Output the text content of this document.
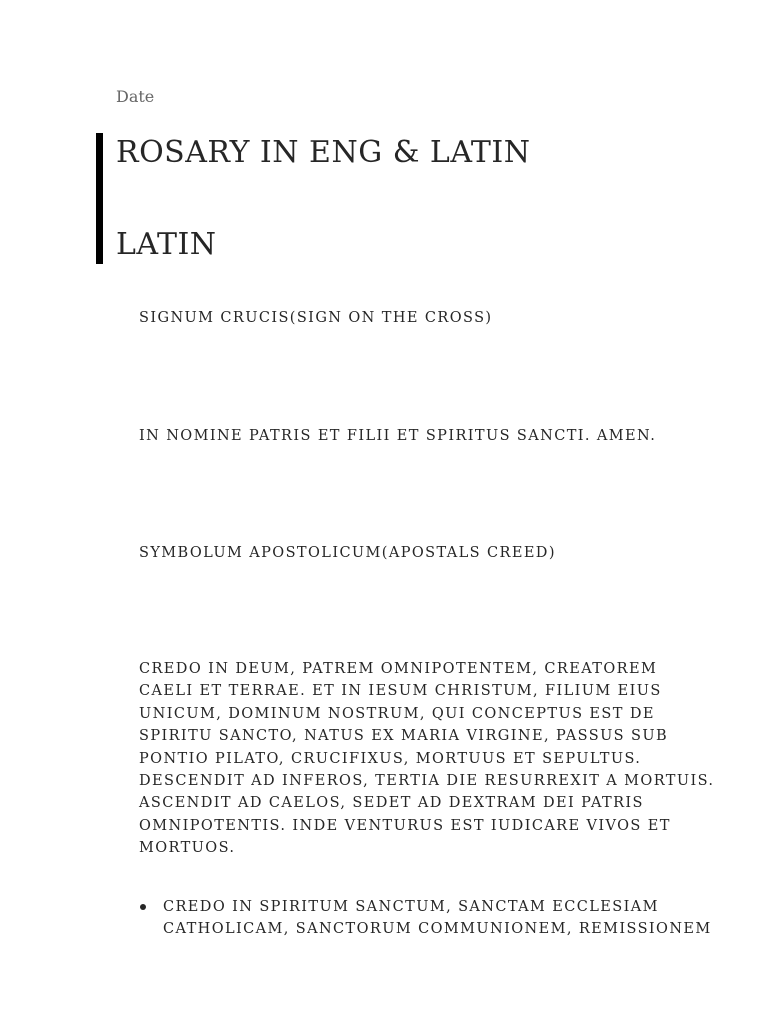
Date
ROSARY IN ENG & LATIN
LATIN
SIGNUM CRUCIS(SIGN ON THE CROSS)
IN NOMINE PATRIS ET FILII ET SPIRITUS SANCTI. AMEN.
SYMBOLUM APOSTOLICUM(APOSTALS CREED)
CREDO IN DEUM, PATREM OMNIPOTENTEM, CREATOREM
CAELI ET TERRAE. ET IN IESUM CHRISTUM, FILIUM EIUS
UNICUM, DOMINUM NOSTRUM, QUI CONCEPTUS EST DE
SPIRITU SANCTO, NATUS EX MARIA VIRGINE, PASSUS SUB
PONTIO PILATO, CRUCIFIXUS, MORTUUS ET SEPULTUS.
DESCENDIT AD INFEROS, TERTIA DIE RESURREXIT A MORTUIS.
ASCENDIT AD CAELOS, SEDET AD DEXTRAM DEI PATRIS
OMNIPOTENTIS. INDE VENTURUS EST IUDICARE VIVOS ET
MORTUOS.
CREDO IN SPIRITUM SANCTUM, SANCTAM ECCLESIAM
CATHOLICAM, SANCTORUM COMMUNIONEM, REMISSIONEM
